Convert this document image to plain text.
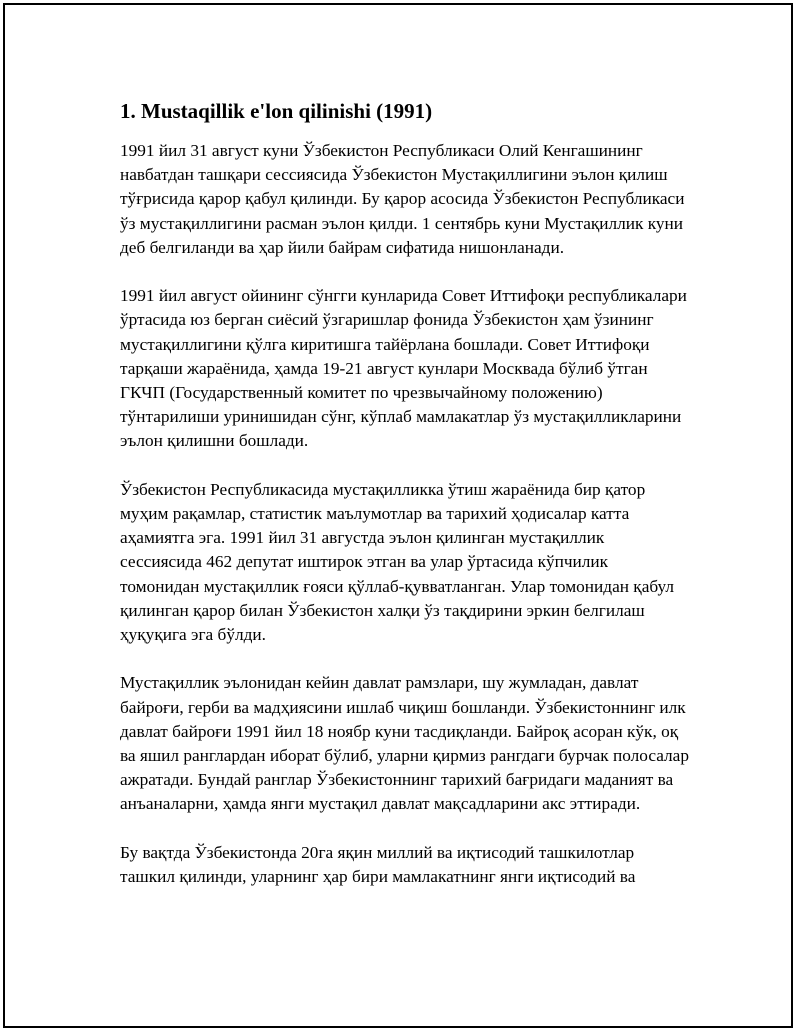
1. Mustaqillik e'lon qilinishi (1991)

1991 йил 31 август куни Ўзбекистон Республикаси Олий Кенгашининг навбатдан ташқари сессиясида Ўзбекистон Мустақиллигини эълон қилиш тўғрисида қарор қабул қилинди. Бу қарор асосида Ўзбекистон Республикаси ўз мустақиллигини расман эълон қилди. 1 сентябрь куни Мустақиллик куни деб белгиланди ва ҳар йили байрам сифатида нишонланади.

1991 йил август ойининг сўнгги кунларида Совет Иттифоқи республикалари ўртасида юз берган сиёсий ўзгаришлар фонида Ўзбекистон ҳам ўзининг мустақиллигини қўлга киритишга тайёрлана бошлади. Совет Иттифоқи тарқаши жараёнида, ҳамда 19-21 август кунлари Москвада бўлиб ўтган ГКЧП (Государственный комитет по чрезвычайному положению) тўнтарилиши уринишидан сўнг, кўплаб мамлакатлар ўз мустақилликларини эълон қилишни бошлади.

Ўзбекистон Республикасида мустақилликка ўтиш жараёнида бир қатор муҳим рақамлар, статистик маълумотлар ва тарихий ҳодисалар катта аҳамиятга эга. 1991 йил 31 августда эълон қилинган мустақиллик сессиясида 462 депутат иштирок этган ва улар ўртасида кўпчилик томонидан мустақиллик ғояси қўллаб-қувватланган. Улар томонидан қабул қилинган қарор билан Ўзбекистон халқи ўз тақдирини эркин белгилаш ҳуқуқига эга бўлди.

Мустақиллик эълонидан кейин давлат рамзлари, шу жумладан, давлат байроғи, герби ва мадҳиясини ишлаб чиқиш бошланди. Ўзбекистоннинг илк давлат байроғи 1991 йил 18 ноябр куни тасдиқланди. Байроқ асоран кўк, оқ ва яшил ранглардан иборат бўлиб, уларни қирмиз рангдаги бурчак полосалар ажратади. Бундай ранглар Ўзбекистоннинг тарихий бағридаги маданият ва анъаналарни, ҳамда янги мустақил давлат мақсадларини акс эттиради.

Бу вақтда Ўзбекистонда 20га яқин миллий ва иқтисодий ташкилотлар ташкил қилинди, уларнинг ҳар бири мамлакатнинг янги иқтисодий ва
